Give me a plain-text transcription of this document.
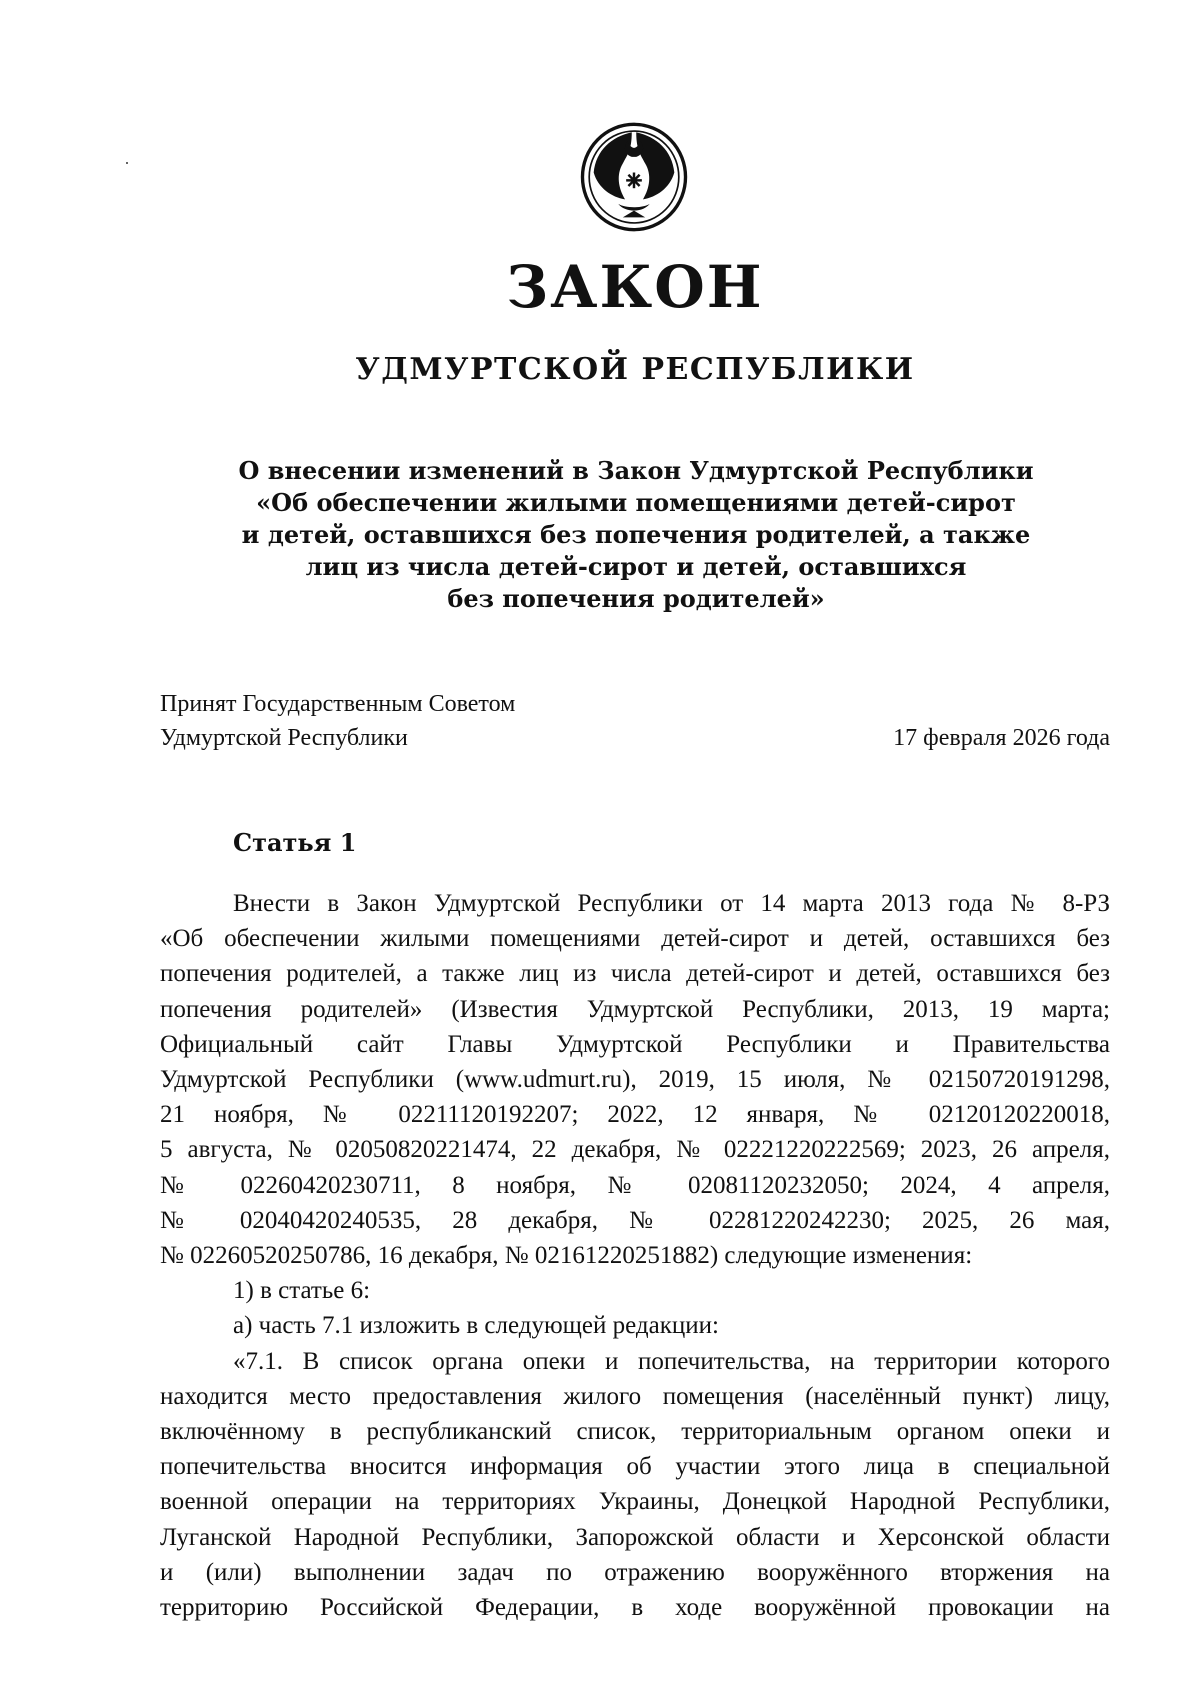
ЗАКОН
УДМУРТСКОЙ РЕСПУБЛИКИ
О внесении изменений в Закон Удмуртской Республики
«Об обеспечении жилыми помещениями детей-сирот
и детей, оставшихся без попечения родителей, а также
лиц из числа детей-сирот и детей, оставшихся
без попечения родителей»
Принят Государственным Советом
Удмуртской Республики	17 февраля 2026 года
Статья 1
Внести в Закон Удмуртской Республики от 14 марта 2013 года № 8-РЗ
«Об обеспечении жилыми помещениями детей-сирот и детей, оставшихся без
попечения родителей, а также лиц из числа детей-сирот и детей, оставшихся без
попечения родителей» (Известия Удмуртской Республики, 2013, 19 марта;
Официальный сайт Главы Удмуртской Республики и Правительства
Удмуртской Республики (www.udmurt.ru), 2019, 15 июля, № 02150720191298,
21 ноября, № 02211120192207; 2022, 12 января, № 02120120220018,
5 августа, № 02050820221474, 22 декабря, № 02221220222569; 2023, 26 апреля,
№ 02260420230711, 8 ноября, № 02081120232050; 2024, 4 апреля,
№ 02040420240535, 28 декабря, № 02281220242230; 2025, 26 мая,
№ 02260520250786, 16 декабря, № 02161220251882) следующие изменения:
1) в статье 6:
а) часть 7.1 изложить в следующей редакции:
«7.1. В список органа опеки и попечительства, на территории которого
находится место предоставления жилого помещения (населённый пункт) лицу,
включённому в республиканский список, территориальным органом опеки и
попечительства вносится информация об участии этого лица в специальной
военной операции на территориях Украины, Донецкой Народной Республики,
Луганской Народной Республики, Запорожской области и Херсонской области
и (или) выполнении задач по отражению вооружённого вторжения на
территорию Российской Федерации, в ходе вооружённой провокации на
